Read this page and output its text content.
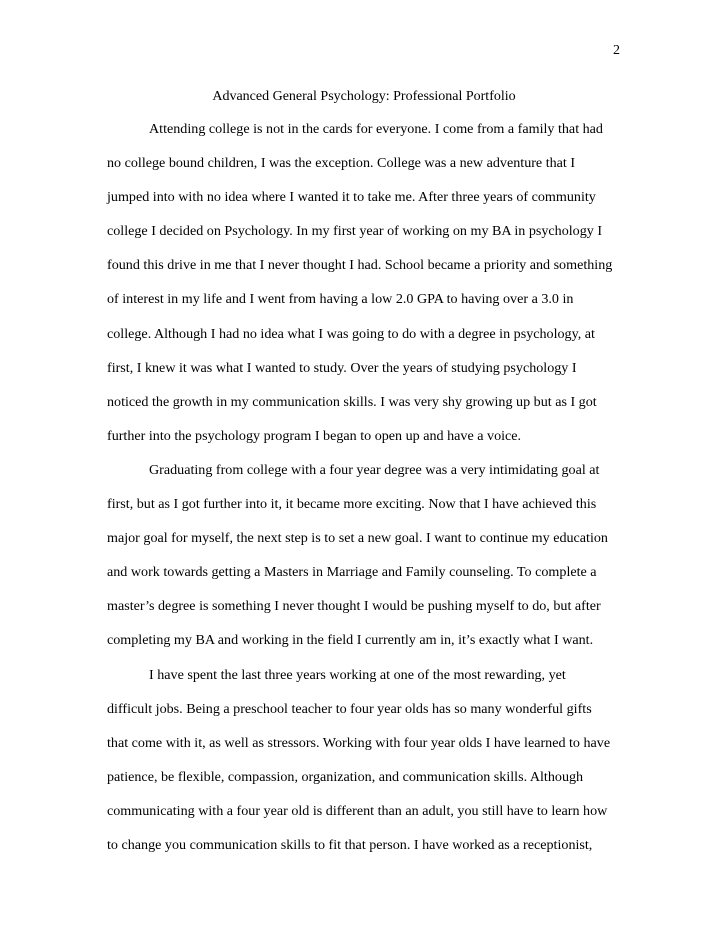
2
Advanced General Psychology: Professional Portfolio
Attending college is not in the cards for everyone. I come from a family that had
no college bound children, I was the exception. College was a new adventure that I
jumped into with no idea where I wanted it to take me. After three years of community
college I decided on Psychology. In my first year of working on my BA in psychology I
found this drive in me that I never thought I had. School became a priority and something
of interest in my life and I went from having a low 2.0 GPA to having over a 3.0 in
college. Although I had no idea what I was going to do with a degree in psychology, at
first, I knew it was what I wanted to study. Over the years of studying psychology I
noticed the growth in my communication skills. I was very shy growing up but as I got
further into the psychology program I began to open up and have a voice.
Graduating from college with a four year degree was a very intimidating goal at
first, but as I got further into it, it became more exciting. Now that I have achieved this
major goal for myself, the next step is to set a new goal. I want to continue my education
and work towards getting a Masters in Marriage and Family counseling. To complete a
master’s degree is something I never thought I would be pushing myself to do, but after
completing my BA and working in the field I currently am in, it’s exactly what I want.
I have spent the last three years working at one of the most rewarding, yet
difficult jobs. Being a preschool teacher to four year olds has so many wonderful gifts
that come with it, as well as stressors. Working with four year olds I have learned to have
patience, be flexible, compassion, organization, and communication skills. Although
communicating with a four year old is different than an adult, you still have to learn how
to change you communication skills to fit that person. I have worked as a receptionist,
